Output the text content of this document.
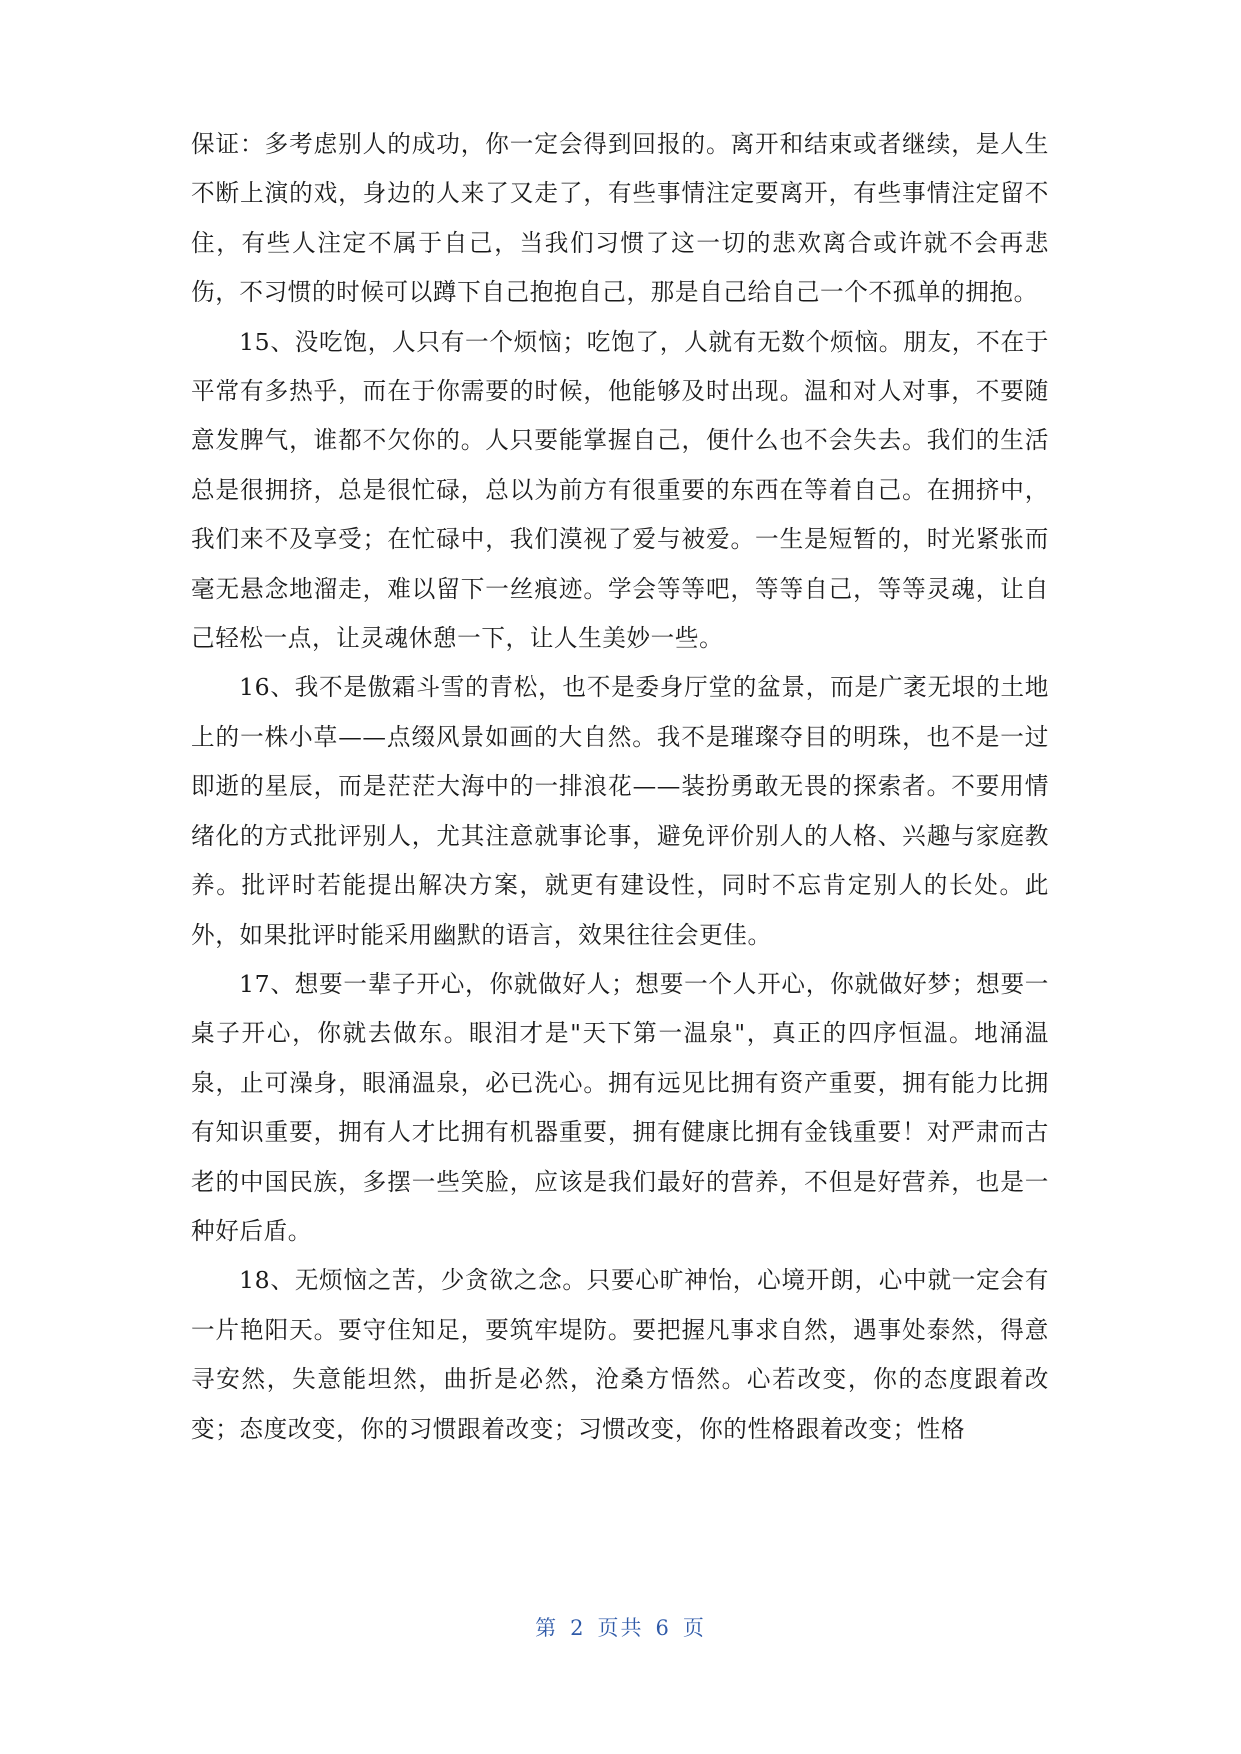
保证：多考虑别人的成功，你一定会得到回报的。离开和结束或者继续，是人生不断上演的戏，身边的人来了又走了，有些事情注定要离开，有些事情注定留不住，有些人注定不属于自己，当我们习惯了这一切的悲欢离合或许就不会再悲伤，不习惯的时候可以蹲下自己抱抱自己，那是自己给自己一个不孤单的拥抱。

15、没吃饱，人只有一个烦恼；吃饱了，人就有无数个烦恼。朋友，不在于平常有多热乎，而在于你需要的时候，他能够及时出现。温和对人对事，不要随意发脾气，谁都不欠你的。人只要能掌握自己，便什么也不会失去。我们的生活总是很拥挤，总是很忙碌，总以为前方有很重要的东西在等着自己。在拥挤中，我们来不及享受；在忙碌中，我们漠视了爱与被爱。一生是短暂的，时光紧张而毫无悬念地溜走，难以留下一丝痕迹。学会等等吧，等等自己，等等灵魂，让自己轻松一点，让灵魂休憩一下，让人生美妙一些。

16、我不是傲霜斗雪的青松，也不是委身厅堂的盆景，而是广袤无垠的土地上的一株小草——点缀风景如画的大自然。我不是璀璨夺目的明珠，也不是一过即逝的星辰，而是茫茫大海中的一排浪花——装扮勇敢无畏的探索者。不要用情绪化的方式批评别人，尤其注意就事论事，避免评价别人的人格、兴趣与家庭教养。批评时若能提出解决方案，就更有建设性，同时不忘肯定别人的长处。此外，如果批评时能采用幽默的语言，效果往往会更佳。

17、想要一辈子开心，你就做好人；想要一个人开心，你就做好梦；想要一桌子开心，你就去做东。眼泪才是"天下第一温泉"，真正的四序恒温。地涌温泉，止可澡身，眼涌温泉，必已洗心。拥有远见比拥有资产重要，拥有能力比拥有知识重要，拥有人才比拥有机器重要，拥有健康比拥有金钱重要！对严肃而古老的中国民族，多摆一些笑脸，应该是我们最好的营养，不但是好营养，也是一种好后盾。

18、无烦恼之苦，少贪欲之念。只要心旷神怡，心境开朗，心中就一定会有一片艳阳天。要守住知足，要筑牢堤防。要把握凡事求自然，遇事处泰然，得意寻安然，失意能坦然，曲折是必然，沧桑方悟然。心若改变，你的态度跟着改变；态度改变，你的习惯跟着改变；习惯改变，你的性格跟着改变；性格

第 2 页共 6 页
